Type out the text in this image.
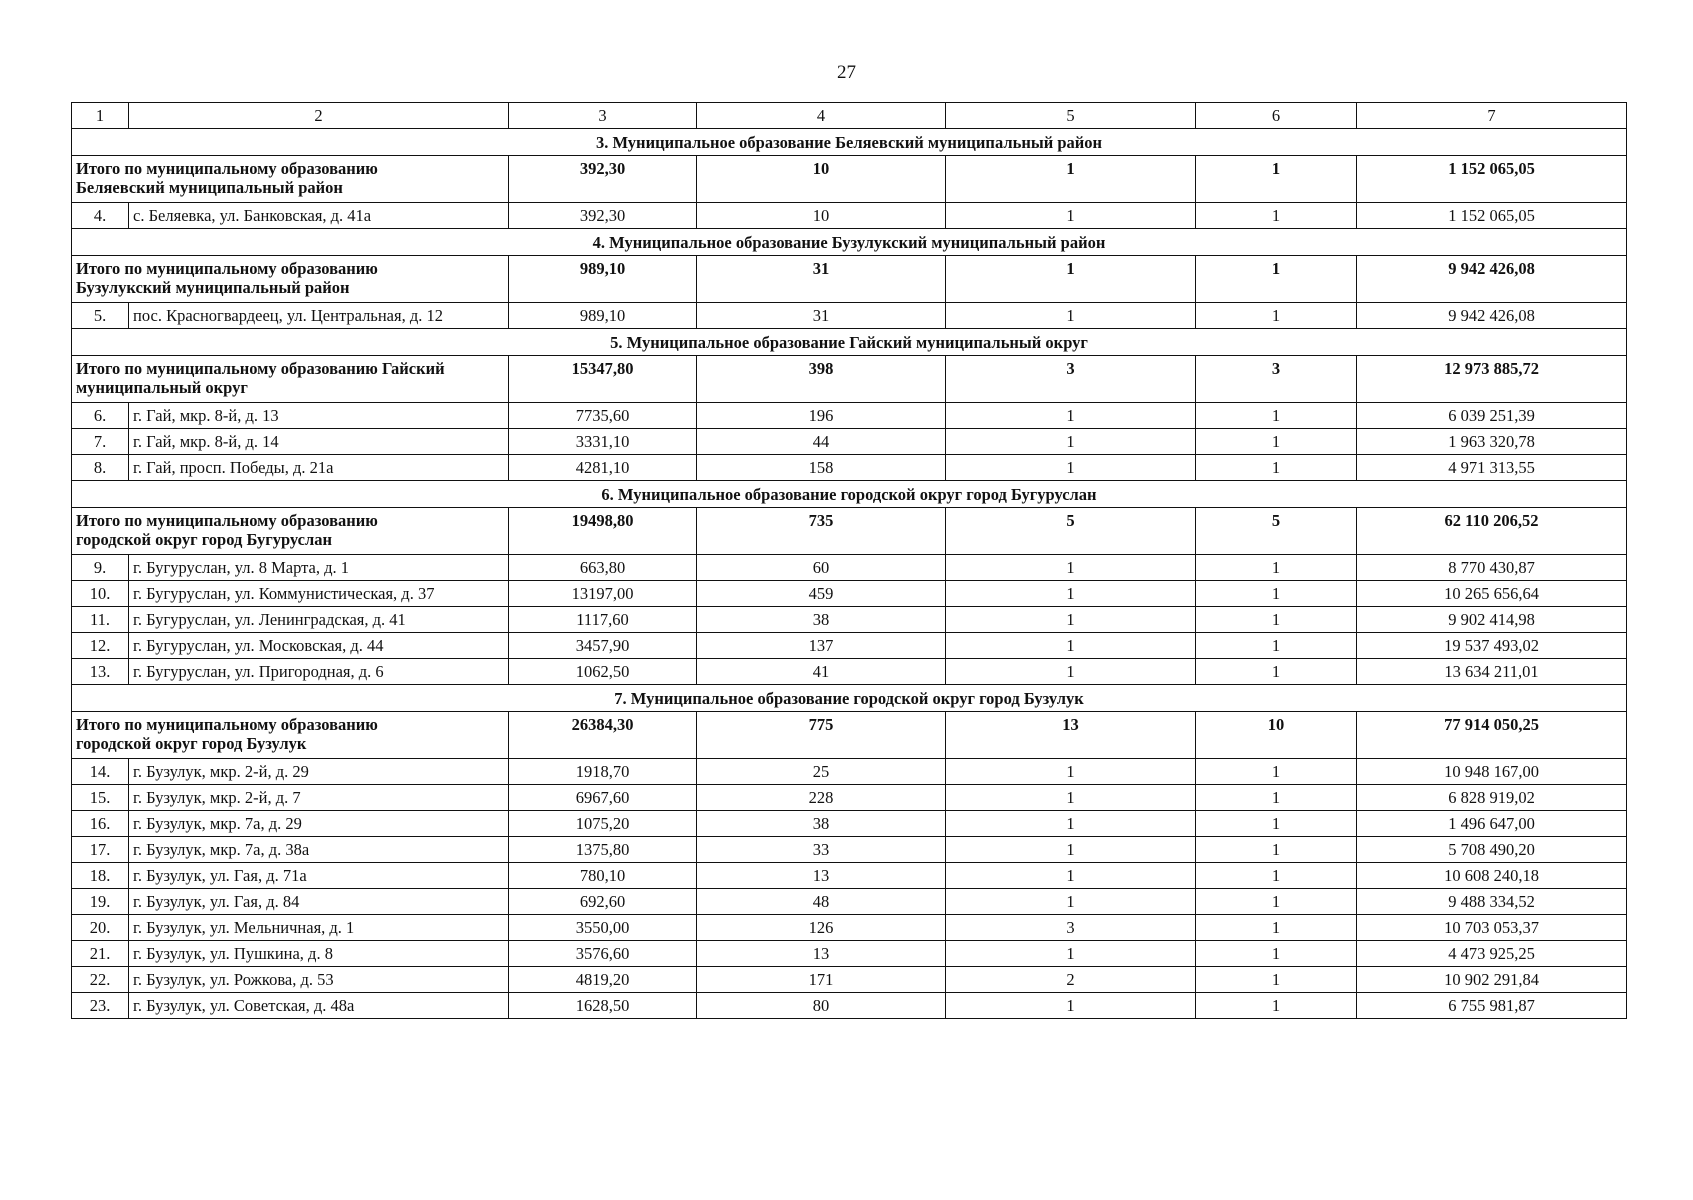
27
1	2	3	4	5	6	7
3. Муниципальное образование Беляевский муниципальный район						

Итого по муниципальному образованию
Беляевский муниципальный район		392,30	10	1	1	1 152 065,05
4.	с. Беляевка, ул. Банковская, д. 41а	392,30	10	1	1	1 152 065,05
4. Муниципальное образование Бузулукский муниципальный район						

Итого по муниципальному образованию
Бузулукский муниципальный район		989,10	31	1	1	9 942 426,08
5.	пос. Красногвардеец, ул. Центральная, д. 12	989,10	31	1	1	9 942 426,08
5. Муниципальное образование Гайский муниципальный округ						

Итого по муниципальному образованию Гайский
муниципальный округ		15347,80	398	3	3	12 973 885,72
6.	г. Гай, мкр. 8-й, д. 13	7735,60	196	1	1	6 039 251,39
7.	г. Гай, мкр. 8-й, д. 14	3331,10	44	1	1	1 963 320,78
8.	г. Гай, просп. Победы, д. 21а	4281,10	158	1	1	4 971 313,55
6. Муниципальное образование городской округ город Бугуруслан						

Итого по муниципальному образованию
городской округ город Бугуруслан		19498,80	735	5	5	62 110 206,52
9.	г. Бугуруслан, ул. 8 Марта, д. 1	663,80	60	1	1	8 770 430,87
10.	г. Бугуруслан, ул. Коммунистическая, д. 37	13197,00	459	1	1	10 265 656,64
11.	г. Бугуруслан, ул. Ленинградская, д. 41	1117,60	38	1	1	9 902 414,98
12.	г. Бугуруслан, ул. Московская, д. 44	3457,90	137	1	1	19 537 493,02
13.	г. Бугуруслан, ул. Пригородная, д. 6	1062,50	41	1	1	13 634 211,01
7. Муниципальное образование городской округ город Бузулук						

Итого по муниципальному образованию
городской округ город Бузулук		26384,30	775	13	10	77 914 050,25
14.	г. Бузулук, мкр. 2-й, д. 29	1918,70	25	1	1	10 948 167,00
15.	г. Бузулук, мкр. 2-й, д. 7	6967,60	228	1	1	6 828 919,02
16.	г. Бузулук, мкр. 7а, д. 29	1075,20	38	1	1	1 496 647,00
17.	г. Бузулук, мкр. 7а, д. 38а	1375,80	33	1	1	5 708 490,20
18.	г. Бузулук, ул. Гая, д. 71а	780,10	13	1	1	10 608 240,18
19.	г. Бузулук, ул. Гая, д. 84	692,60	48	1	1	9 488 334,52
20.	г. Бузулук, ул. Мельничная, д. 1	3550,00	126	3	1	10 703 053,37
21.	г. Бузулук, ул. Пушкина, д. 8	3576,60	13	1	1	4 473 925,25
22.	г. Бузулук, ул. Рожкова, д. 53	4819,20	171	2	1	10 902 291,84
23.	г. Бузулук, ул. Советская, д. 48а	1628,50	80	1	1	6 755 981,87
